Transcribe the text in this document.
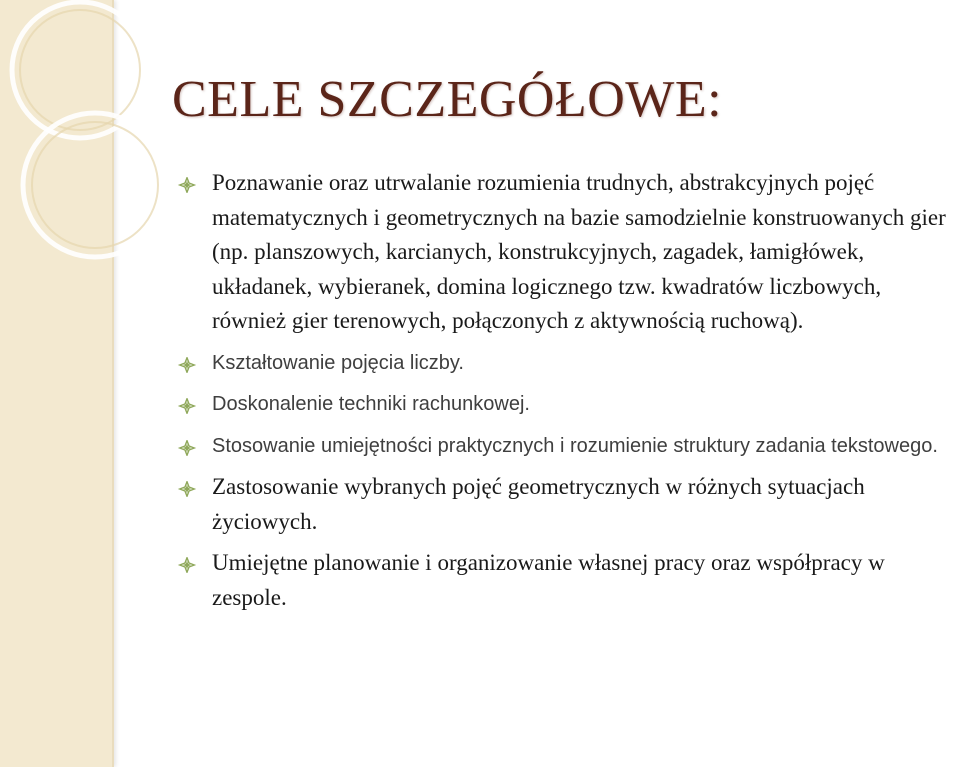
CELE SZCZEGÓŁOWE:
Poznawanie oraz utrwalanie rozumienia trudnych, abstrakcyjnych pojęć matematycznych i geometrycznych na bazie samodzielnie konstruowanych gier (np. planszowych, karcianych, konstrukcyjnych, zagadek, łamigłówek, układanek, wybieranek, domina logicznego tzw. kwadratów liczbowych, również gier terenowych, połączonych z aktywnością ruchową).
Kształtowanie pojęcia liczby.
Doskonalenie techniki rachunkowej.
Stosowanie umiejętności praktycznych i rozumienie struktury zadania tekstowego.
Zastosowanie wybranych pojęć geometrycznych w różnych sytuacjach życiowych.
Umiejętne planowanie i organizowanie własnej pracy oraz współpracy w zespole.
